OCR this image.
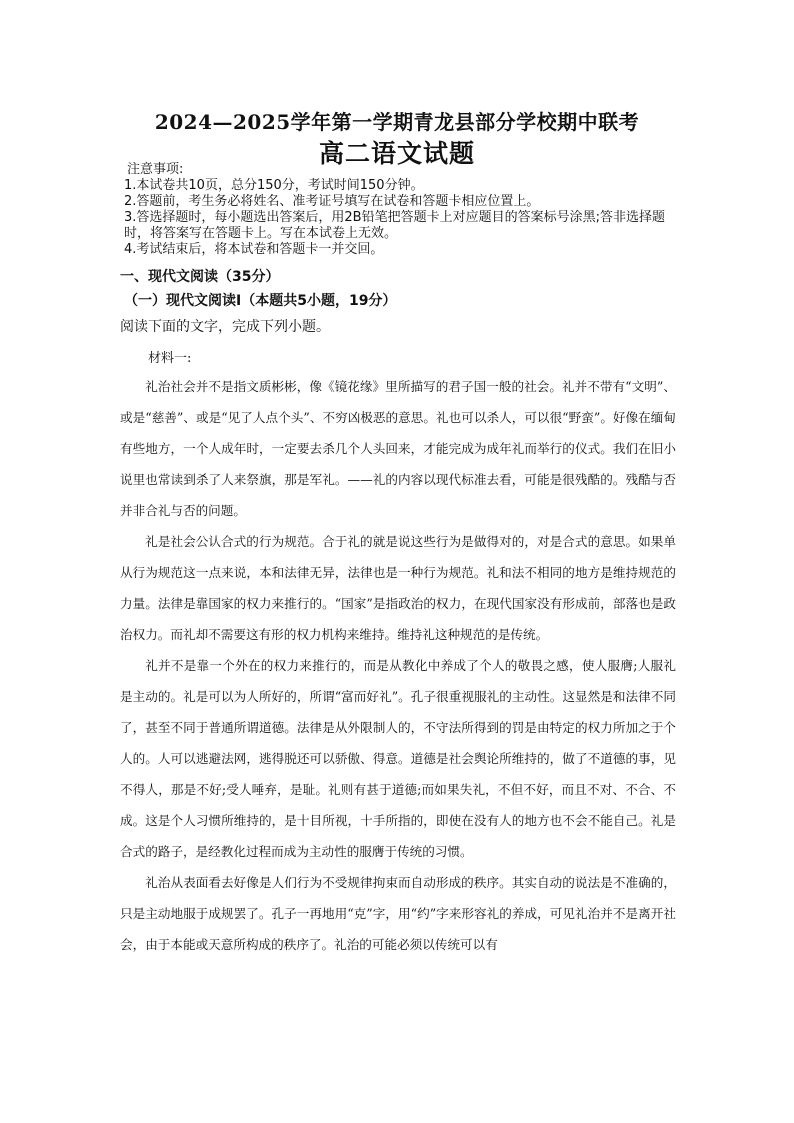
2024—2025学年第一学期青龙县部分学校期中联考
高二语文试题
注意事项:
1.本试卷共10页，总分150分，考试时间150分钟。
2.答题前，考生务必将姓名、准考证号填写在试卷和答题卡相应位置上。
3.答选择题时，每小题选出答案后，用2B铅笔把答题卡上对应题目的答案标号涂黑;答非选择题时，将答案写在答题卡上。写在本试卷上无效。
4.考试结束后，将本试卷和答题卡一并交回。
一、现代文阅读（35分）
（一）现代文阅读Ⅰ（本题共5小题，19分）
阅读下面的文字，完成下列小题。
材料一:

礼治社会并不是指文质彬彬，像《镜花缘》里所描写的君子国一般的社会。礼并不带有“文明”、或是“慈善”、或是“见了人点个头”、不穷凶极恶的意思。礼也可以杀人，可以很“野蛮”。好像在缅甸有些地方，一个人成年时，一定要去杀几个人头回来，才能完成为成年礼而举行的仪式。我们在旧小说里也常读到杀了人来祭旗，那是军礼。——礼的内容以现代标准去看，可能是很残酷的。残酷与否并非合礼与否的问题。

礼是社会公认合式的行为规范。合于礼的就是说这些行为是做得对的，对是合式的意思。如果单从行为规范这一点来说，本和法律无异，法律也是一种行为规范。礼和法不相同的地方是维持规范的力量。法律是靠国家的权力来推行的。“国家”是指政治的权力，在现代国家没有形成前，部落也是政治权力。而礼却不需要这有形的权力机构来维持。维持礼这种规范的是传统。

礼并不是靠一个外在的权力来推行的，而是从教化中养成了个人的敬畏之感，使人服膺;人服礼是主动的。礼是可以为人所好的，所谓“富而好礼”。孔子很重视服礼的主动性。这显然是和法律不同了，甚至不同于普通所谓道德。法律是从外限制人的，不守法所得到的罚是由特定的权力所加之于个人的。人可以逃避法网，逃得脱还可以骄傲、得意。道德是社会舆论所维持的，做了不道德的事，见不得人，那是不好;受人唾弃，是耻。礼则有甚于道德;而如果失礼，不但不好，而且不对、不合、不成。这是个人习惯所维持的，是十目所视，十手所指的，即使在没有人的地方也不会不能自己。礼是合式的路子，是经教化过程而成为主动性的服膺于传统的习惯。

礼治从表面看去好像是人们行为不受规律拘束而自动形成的秩序。其实自动的说法是不准确的，只是主动地服于成规罢了。孔子一再地用“克”字，用“约”字来形容礼的养成，可见礼治并不是离开社会，由于本能或天意所构成的秩序了。礼治的可能必须以传统可以有
